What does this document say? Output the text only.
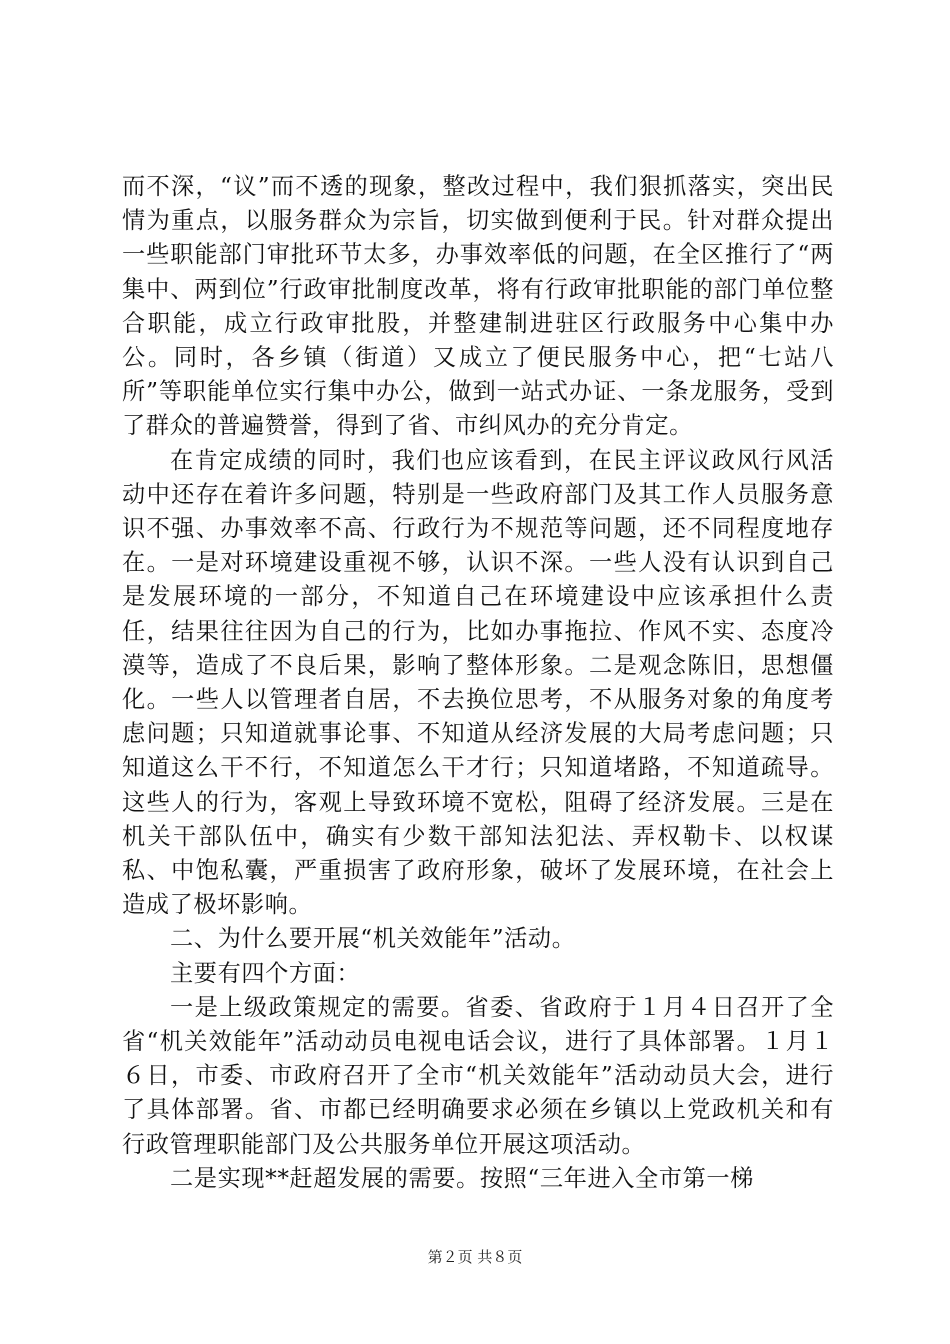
而不深，“议”而不透的现象，整改过程中，我们狠抓落实，突出民情为重点，以服务群众为宗旨，切实做到便利于民。针对群众提出一些职能部门审批环节太多，办事效率低的问题，在全区推行了“两集中、两到位”行政审批制度改革，将有行政审批职能的部门单位整合职能，成立行政审批股，并整建制进驻区行政服务中心集中办公。同时，各乡镇（街道）又成立了便民服务中心，把“七站八所”等职能单位实行集中办公，做到一站式办证、一条龙服务，受到了群众的普遍赞誉，得到了省、市纠风办的充分肯定。

在肯定成绩的同时，我们也应该看到，在民主评议政风行风活动中还存在着许多问题，特别是一些政府部门及其工作人员服务意识不强、办事效率不高、行政行为不规范等问题，还不同程度地存在。一是对环境建设重视不够，认识不深。一些人没有认识到自己是发展环境的一部分，不知道自己在环境建设中应该承担什么责任，结果往往因为自己的行为，比如办事拖拉、作风不实、态度冷漠等，造成了不良后果，影响了整体形象。二是观念陈旧，思想僵化。一些人以管理者自居，不去换位思考，不从服务对象的角度考虑问题；只知道就事论事、不知道从经济发展的大局考虑问题；只知道这么干不行，不知道怎么干才行；只知道堵路，不知道疏导。这些人的行为，客观上导致环境不宽松，阻碍了经济发展。三是在机关干部队伍中，确实有少数干部知法犯法、弄权勒卡、以权谋私、中饱私囊，严重损害了政府形象，破坏了发展环境，在社会上造成了极坏影响。

二、为什么要开展“机关效能年”活动。

主要有四个方面：

一是上级政策规定的需要。省委、省政府于１月４日召开了全省“机关效能年”活动动员电视电话会议，进行了具体部署。１月１６日，市委、市政府召开了全市“机关效能年”活动动员大会，进行了具体部署。省、市都已经明确要求必须在乡镇以上党政机关和有行政管理职能部门及公共服务单位开展这项活动。

二是实现**赶超发展的需要。按照“三年进入全市第一梯

第２页 共８页
